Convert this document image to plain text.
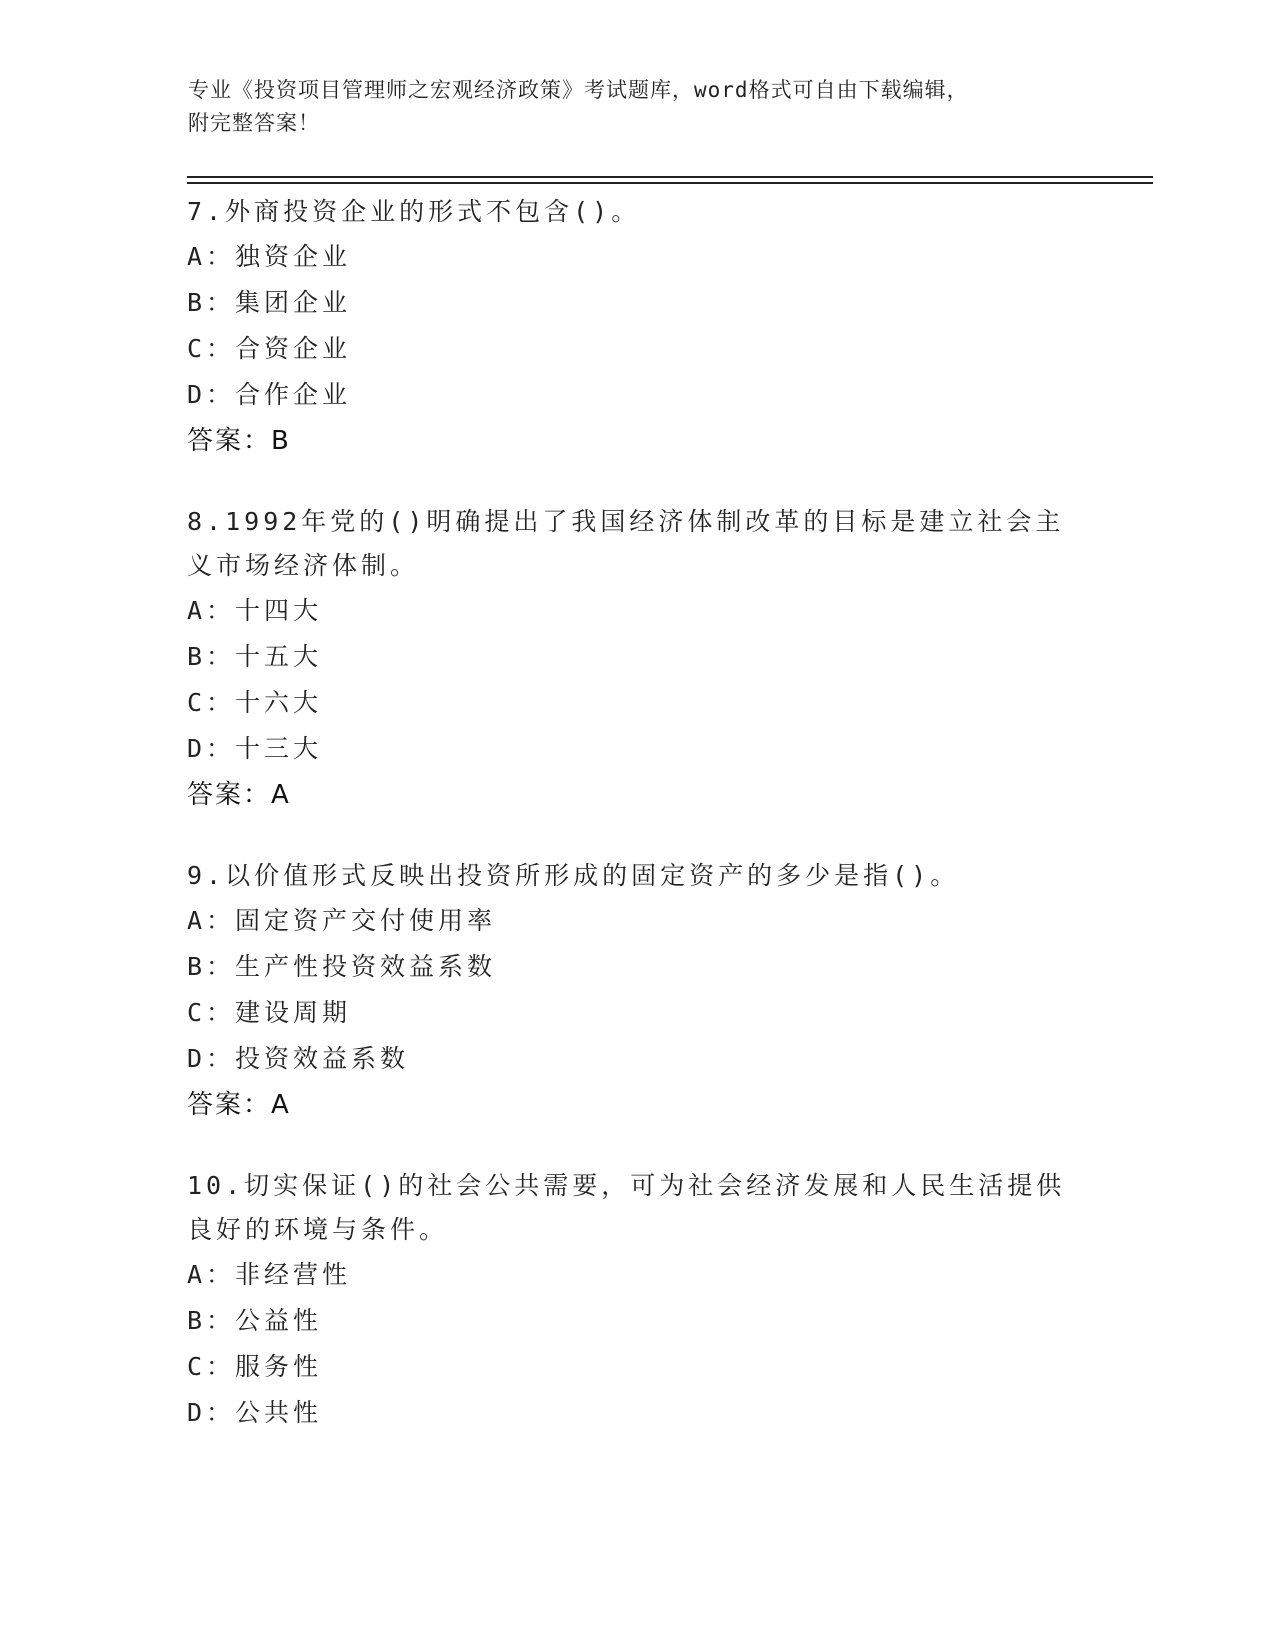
专业《投资项目管理师之宏观经济政策》考试题库，word格式可自由下载编辑，
附完整答案！

7.外商投资企业的形式不包含()。

A：独资企业

B：集团企业

C：合资企业

D：合作企业

答案：B

8.1992年党的()明确提出了我国经济体制改革的目标是建立社会主义市场经济体制。

A：十四大

B：十五大

C：十六大

D：十三大

答案：A

9.以价值形式反映出投资所形成的固定资产的多少是指()。

A：固定资产交付使用率

B：生产性投资效益系数

C：建设周期

D：投资效益系数

答案：A

10.切实保证()的社会公共需要，可为社会经济发展和人民生活提供良好的环境与条件。

A：非经营性

B：公益性

C：服务性

D：公共性
